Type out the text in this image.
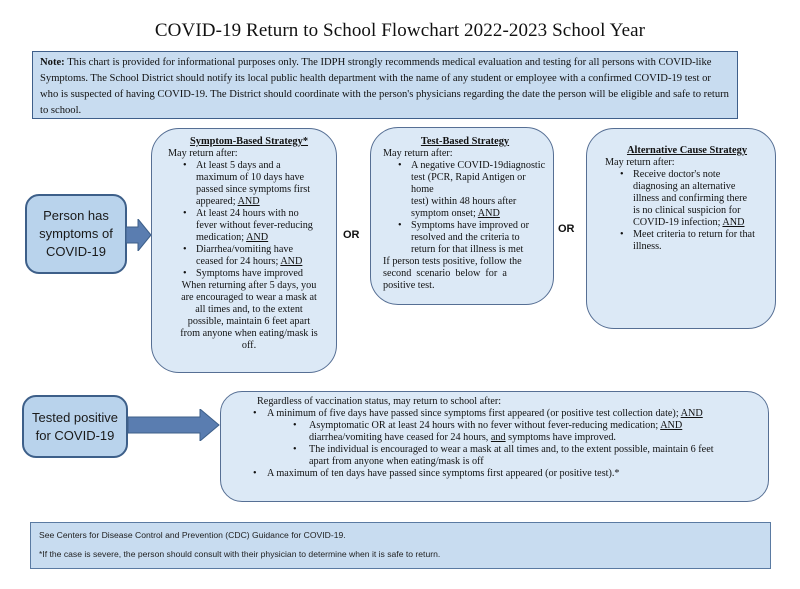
COVID-19 Return to School Flowchart 2022-2023 School Year
Note: This chart is provided for informational purposes only. The IDPH strongly recommends medical evaluation and testing for all persons with COVID-like Symptoms. The School District should notify its local public health department with the name of any student or employee with a confirmed COVID-19 test or who is suspected of having COVID-19. The District should coordinate with the person's physicians regarding the date the person will be eligible and safe to return to school.
Person has
symptoms of
COVID-19
Symptom-Based Strategy*
May return after:
• At least 5 days and a
maximum of 10 days have
passed since symptoms first
appeared; AND
• At least 24 hours with no
fever without fever-reducing
medication; AND
• Diarrhea/vomiting have
ceased for 24 hours; AND
• Symptoms have improved
When returning after 5 days, you
are encouraged to wear a mask at
all times and, to the extent
possible, maintain 6 feet apart
from anyone when eating/mask is
off.
OR
Test-Based Strategy
May return after:
• A negative COVID-19diagnostic
test (PCR, Rapid Antigen or home
test) within 48 hours after
symptom onset; AND
• Symptoms have improved or
resolved and the criteria to
return for that illness is met
If person tests positive, follow the
second  scenario  below  for  a
positive test.
OR
Alternative Cause Strategy
May return after:
• Receive doctor's note
diagnosing an alternative
illness and confirming there
is no clinical suspicion for
COVID-19 infection; AND
• Meet criteria to return for that
illness.
Tested positive
for COVID-19
Regardless of vaccination status, may return to school after:
• A minimum of five days have passed since symptoms first appeared (or positive test collection date); AND
• Asymptomatic OR at least 24 hours with no fever without fever-reducing medication; AND
diarrhea/vomiting have ceased for 24 hours, and symptoms have improved.
• The individual is encouraged to wear a mask at all times and, to the extent possible, maintain 6 feet
apart from anyone when eating/mask is off
• A maximum of ten days have passed since symptoms first appeared (or positive test).*
See Centers for Disease Control and Prevention (CDC) Guidance for COVID-19.
*If the case is severe, the person should consult with their physician to determine when it is safe to return.
